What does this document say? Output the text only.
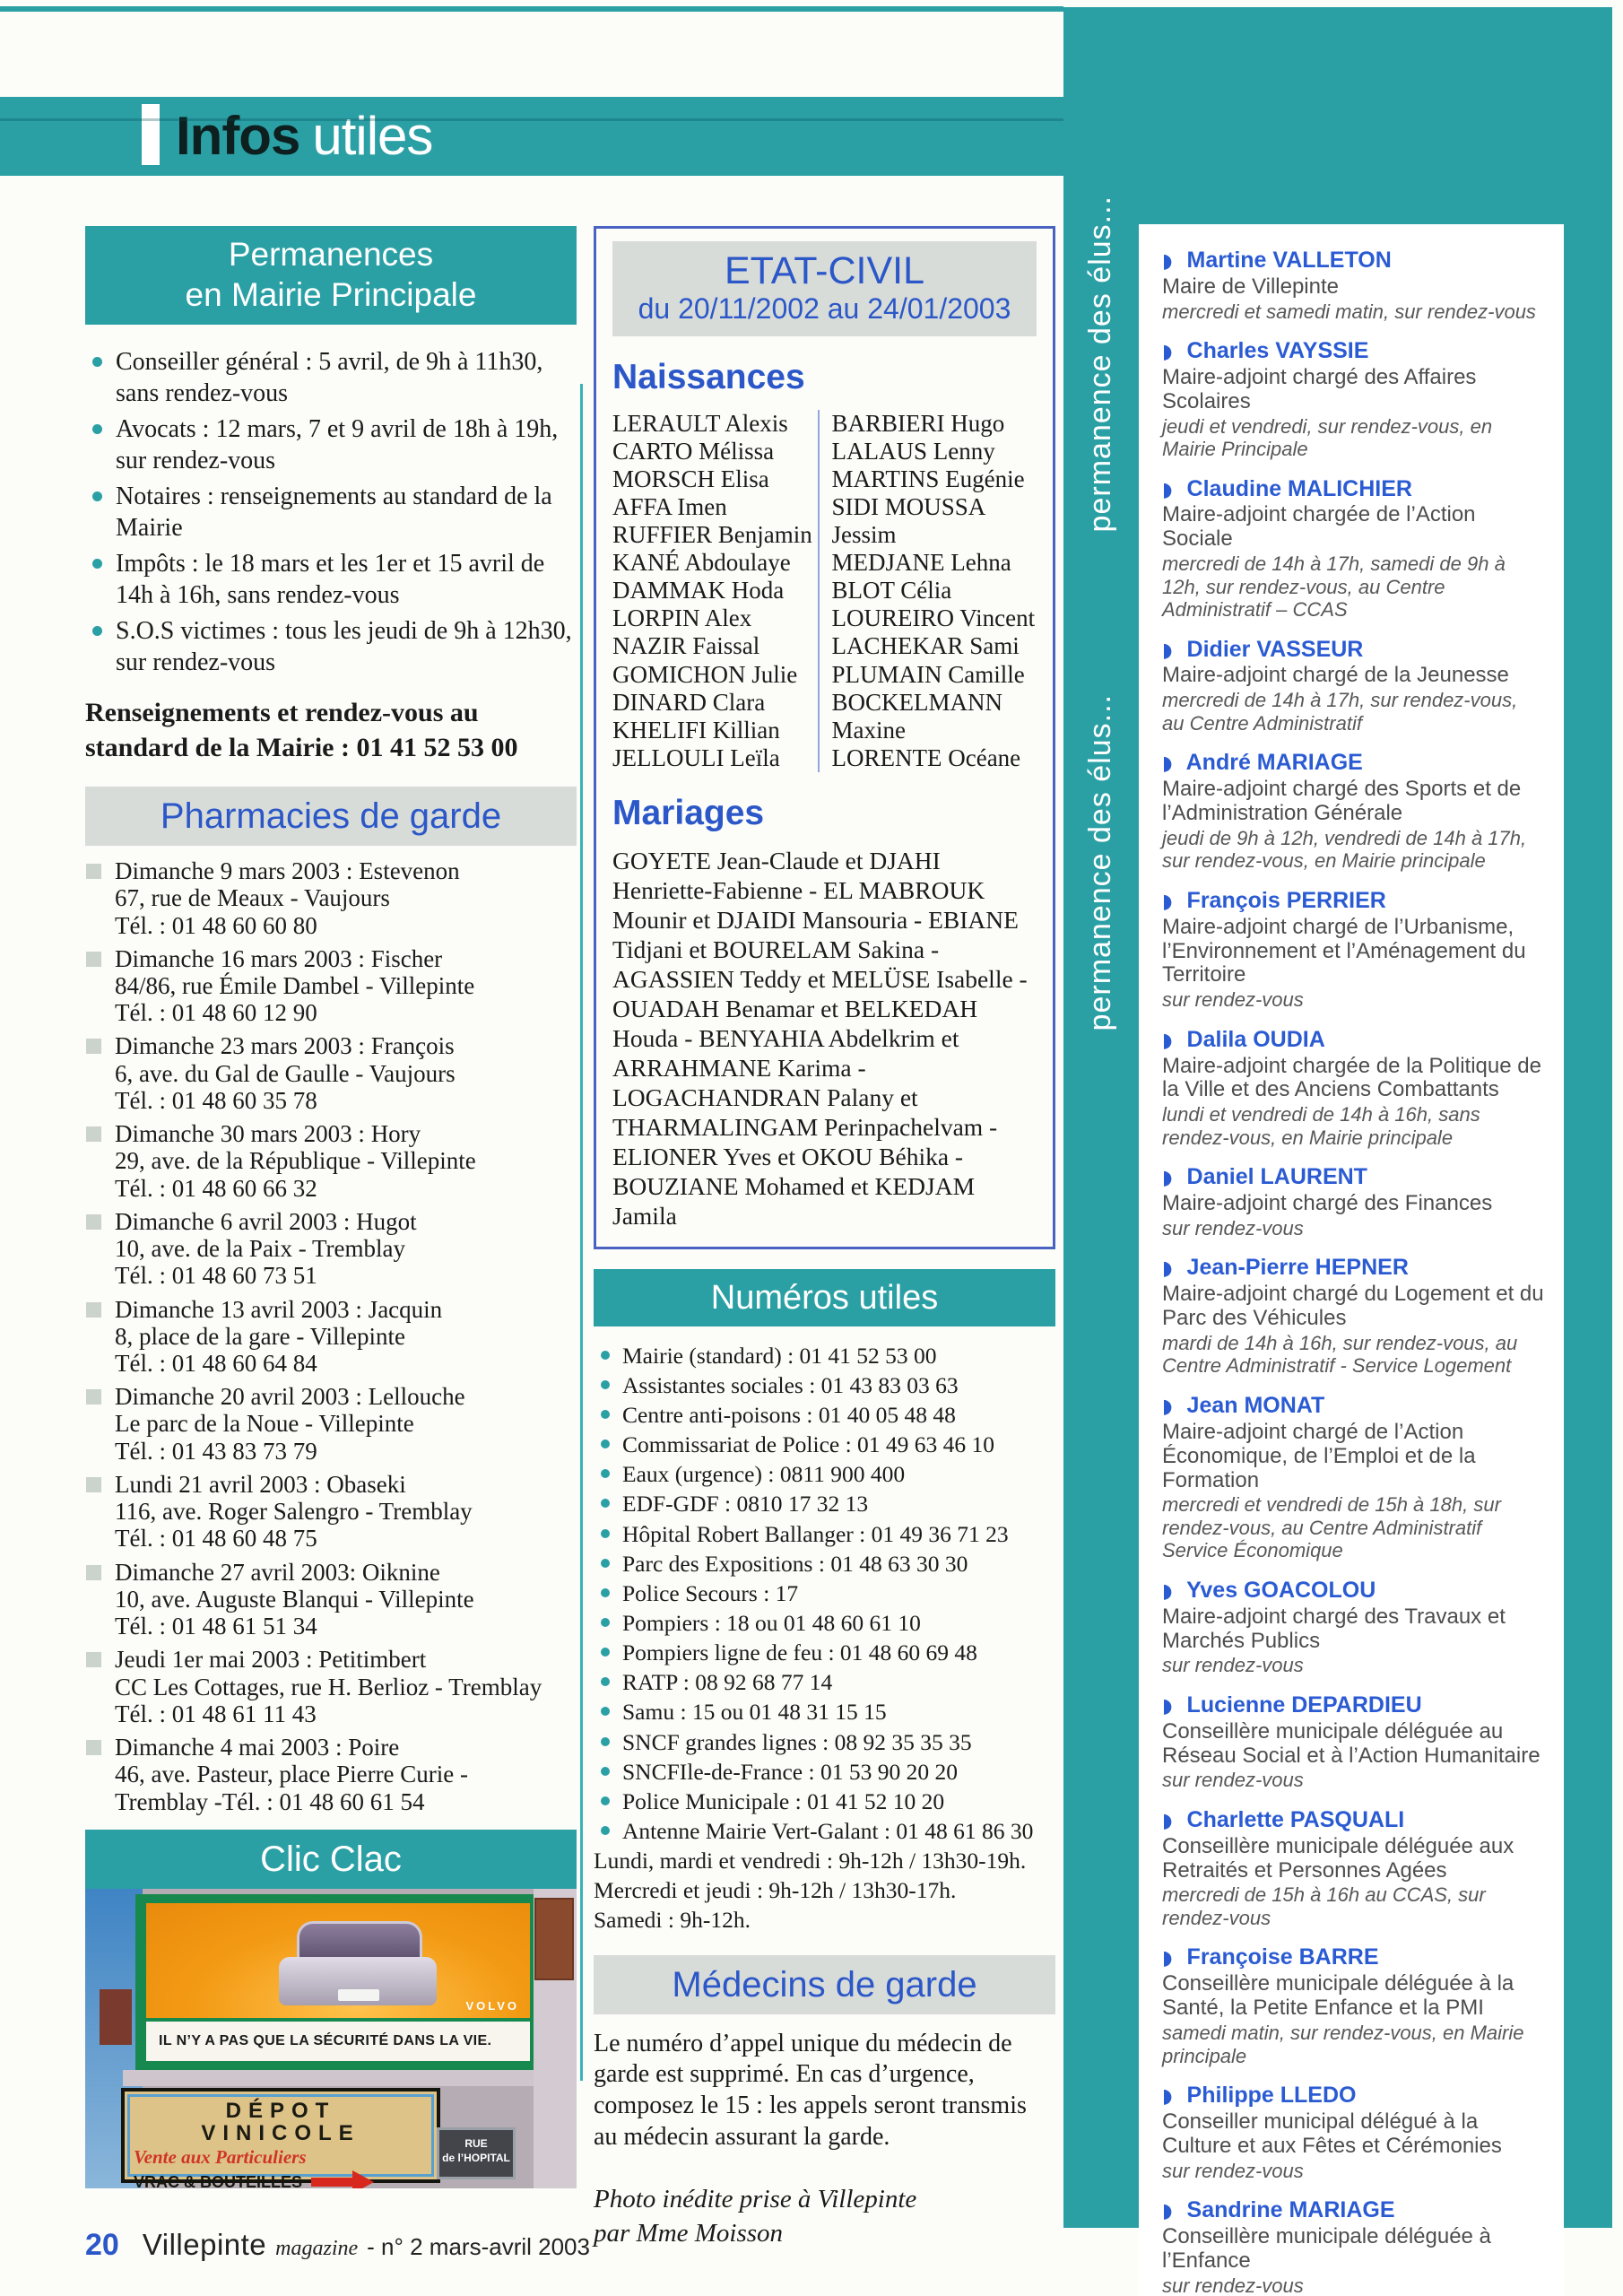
Infos utiles
Permanences
en Mairie Principale
Conseiller général : 5 avril, de 9h à 11h30, sans rendez-vous
Avocats : 12 mars, 7 et 9 avril de 18h à 19h, sur rendez-vous
Notaires : renseignements au standard de la Mairie
Impôts : le 18 mars et les 1er et 15 avril de 14h à 16h, sans rendez-vous
S.O.S victimes : tous les jeudi de 9h à 12h30, sur rendez-vous

Renseignements et rendez-vous au standard de la Mairie : 01 41 52 53 00

Pharmacies de garde
Dimanche 9 mars 2003 : Estevenon
67, rue de Meaux - Vaujours
Tél. : 01 48 60 60 80
Dimanche 16 mars 2003 : Fischer
84/86, rue Émile Dambel - Villepinte
Tél. : 01 48 60 12 90
Dimanche 23 mars 2003 : François
6, ave. du Gal de Gaulle - Vaujours
Tél. : 01 48 60 35 78
Dimanche 30 mars 2003 : Hory
29, ave. de la République - Villepinte
Tél. : 01 48 60 66 32
Dimanche 6 avril 2003 : Hugot
10, ave. de la Paix - Tremblay
Tél. : 01 48 60 73 51
Dimanche 13 avril 2003 : Jacquin
8, place de la gare - Villepinte
Tél. : 01 48 60 64 84
Dimanche 20 avril 2003 : Lellouche
Le parc de la Noue - Villepinte
Tél. : 01 43 83 73 79
Lundi 21 avril 2003 : Obaseki
116, ave. Roger Salengro - Tremblay
Tél. : 01 48 60 48 75
Dimanche 27 avril 2003: Oiknine
10, ave. Auguste Blanqui - Villepinte
Tél. : 01 48 61 51 34
Jeudi 1er mai 2003 : Petitimbert
CC Les Cottages, rue H. Berlioz - Tremblay
Tél. : 01 48 61 11 43
Dimanche 4 mai 2003 : Poire
46, ave. Pasteur, place Pierre Curie -
Tremblay -Tél. : 01 48 60 61 54
Clic Clac
VOLVO
IL N’Y A PAS QUE LA SÉCURITÉ DANS LA VIE.
DÉPOT
VINICOLE
Vente aux Particuliers
VRAC & BOUTEILLES
RUE
de l’HOPITAL
ETAT-CIVIL
du 20/11/2002 au 24/01/2003
Naissances
LERAULT Alexis
CARTO Mélissa
MORSCH Elisa
AFFA Imen
RUFFIER Benjamin
KANÉ Abdoulaye
DAMMAK Hoda
LORPIN Alex
NAZIR Faissal
GOMICHON Julie
DINARD Clara
KHELIFI Killian
JELLOULI Leïla
BARBIERI Hugo
LALAUS Lenny
MARTINS Eugénie
SIDI MOUSSA Jessim
MEDJANE Lehna
BLOT Célia
LOUREIRO Vincent
LACHEKAR Sami
PLUMAIN Camille
BOCKELMANN Maxine
LORENTE Océane
Mariages

GOYETE Jean-Claude et DJAHI Henriette-Fabienne - EL MABROUK Mounir et DJAIDI Mansouria - EBIANE Tidjani et BOURELAM Sakina - AGASSIEN Teddy et MELÜSE Isabelle - OUADAH Benamar et BELKEDAH Houda - BENYAHIA Abdelkrim et ARRAHMANE Karima - LOGACHANDRAN Palany et THARMALINGAM Perinpachelvam - ELIONER Yves et OKOU Béhika - BOUZIANE Mohamed et KEDJAM Jamila

Numéros utiles
Mairie (standard) : 01 41 52 53 00
Assistantes sociales : 01 43 83 03 63
Centre anti-poisons : 01 40 05 48 48
Commissariat de Police : 01 49 63 46 10
Eaux (urgence) : 0811 900 400
EDF-GDF : 0810 17 32 13
Hôpital Robert Ballanger : 01 49 36 71 23
Parc des Expositions : 01 48 63 30 30
Police Secours : 17
Pompiers : 18 ou 01 48 60 61 10
Pompiers ligne de feu : 01 48 60 69 48
RATP : 08 92 68 77 14
Samu : 15 ou 01 48 31 15 15
SNCF grandes lignes : 08 92 35 35 35
SNCFIle-de-France : 01 53 90 20 20
Police Municipale : 01 41 52 10 20
Antenne Mairie Vert-Galant : 01 48 61 86 30
Lundi, mardi et vendredi : 9h-12h / 13h30-19h.
Mercredi et jeudi : 9h-12h / 13h30-17h.
Samedi : 9h-12h.
Médecins de garde

Le numéro d’appel unique du médecin de garde est supprimé. En cas d’urgence, composez le 15 : les appels seront transmis au médecin assurant la garde.

Photo inédite prise à Villepinte
par Mme Moisson

permanence des élus...
permanence des élus...
◗ Martine VALLETON
Maire de Villepinte
mercredi et samedi matin, sur rendez-vous
◗ Charles VAYSSIE
Maire-adjoint chargé des Affaires Scolaires
jeudi et vendredi, sur rendez-vous, en Mairie Principale
◗ Claudine MALICHIER
Maire-adjoint chargée de l’Action Sociale
mercredi de 14h à 17h, samedi de 9h à 12h, sur rendez-vous, au Centre Administratif – CCAS
◗ Didier VASSEUR
Maire-adjoint chargé de la Jeunesse
mercredi de 14h à 17h, sur rendez-vous, au Centre Administratif
◗ André MARIAGE
Maire-adjoint chargé des Sports et de l’Administration Générale
jeudi de 9h à 12h, vendredi de 14h à 17h, sur rendez-vous, en Mairie principale
◗ François PERRIER
Maire-adjoint chargé de l’Urbanisme, l’Environnement et l’Aménagement du Territoire
sur rendez-vous
◗ Dalila OUDIA
Maire-adjoint chargée de la Politique de la Ville et des Anciens Combattants
lundi et vendredi de 14h à 16h, sans rendez-vous, en Mairie principale
◗ Daniel LAURENT
Maire-adjoint chargé des Finances
sur rendez-vous
◗ Jean-Pierre HEPNER
Maire-adjoint chargé du Logement et du Parc des Véhicules
mardi de 14h à 16h, sur rendez-vous, au Centre Administratif - Service Logement
◗ Jean MONAT
Maire-adjoint chargé de l’Action Économique, de l’Emploi et de la Formation
mercredi et vendredi de 15h à 18h, sur rendez-vous, au Centre Administratif Service Économique
◗ Yves GOACOLOU
Maire-adjoint chargé des Travaux et Marchés Publics
sur rendez-vous
◗ Lucienne DEPARDIEU
Conseillère municipale déléguée au Réseau Social et à l’Action Humanitaire
sur rendez-vous
◗ Charlette PASQUALI
Conseillère municipale déléguée aux Retraités et Personnes Agées
mercredi de 15h à 16h au CCAS, sur rendez-vous
◗ Françoise BARRE
Conseillère municipale déléguée à la Santé, la Petite Enfance et la PMI
samedi matin, sur rendez-vous, en Mairie principale
◗ Philippe LLEDO
Conseiller municipal délégué à la Culture et aux Fêtes et Cérémonies
sur rendez-vous
◗ Sandrine MARIAGE
Conseillère municipale déléguée à l’Enfance
sur rendez-vous
20 Villepinte magazine - n° 2 mars-avril 2003
